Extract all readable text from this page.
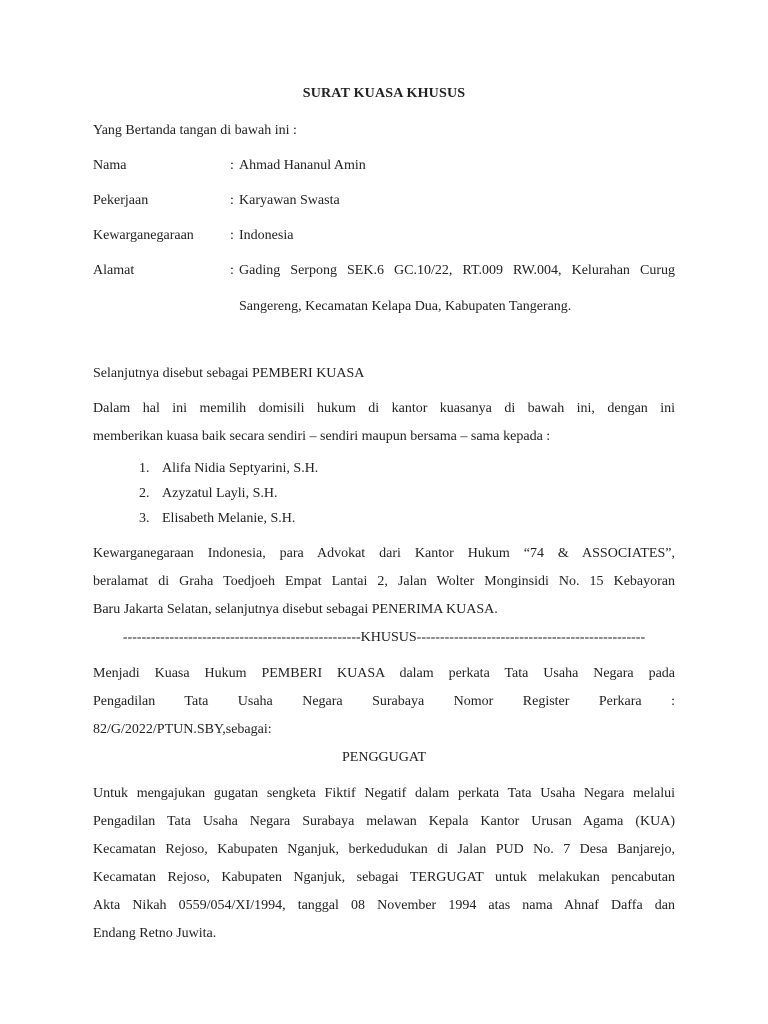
SURAT KUASA KHUSUS
Yang Bertanda tangan di bawah ini :
Nama	: Ahmad Hananul Amin
Pekerjaan	: Karyawan Swasta
Kewarganegaraan	: Indonesia
Alamat	: Gading Serpong SEK.6 GC.10/22, RT.009 RW.004, Kelurahan Curug
Sangereng, Kecamatan Kelapa Dua, Kabupaten Tangerang.
Selanjutnya disebut sebagai PEMBERI KUASA
Dalam hal ini memilih domisili hukum di kantor kuasanya di bawah ini, dengan ini
memberikan kuasa baik secara sendiri – sendiri maupun bersama – sama kepada :
1. Alifa Nidia Septyarini, S.H.
2. Azyzatul Layli, S.H.
3. Elisabeth Melanie, S.H.
Kewarganegaraan Indonesia, para Advokat dari Kantor Hukum “74 & ASSOCIATES”,
beralamat di Graha Toedjoeh Empat Lantai 2, Jalan Wolter Monginsidi No. 15 Kebayoran
Baru Jakarta Selatan, selanjutnya disebut sebagai PENERIMA KUASA.
---------------------------------------------------KHUSUS-------------------------------------------------
Menjadi Kuasa Hukum PEMBERI KUASA dalam perkata Tata Usaha Negara pada
Pengadilan Tata Usaha Negara Surabaya Nomor Register Perkara :
82/G/2022/PTUN.SBY,sebagai:
PENGGUGAT
Untuk mengajukan gugatan sengketa Fiktif Negatif dalam perkata Tata Usaha Negara melalui
Pengadilan Tata Usaha Negara Surabaya melawan Kepala Kantor Urusan Agama (KUA)
Kecamatan Rejoso, Kabupaten Nganjuk, berkedudukan di Jalan PUD No. 7 Desa Banjarejo,
Kecamatan Rejoso, Kabupaten Nganjuk, sebagai TERGUGAT untuk melakukan pencabutan
Akta Nikah 0559/054/XI/1994, tanggal 08 November 1994 atas nama Ahnaf Daffa dan
Endang Retno Juwita.
